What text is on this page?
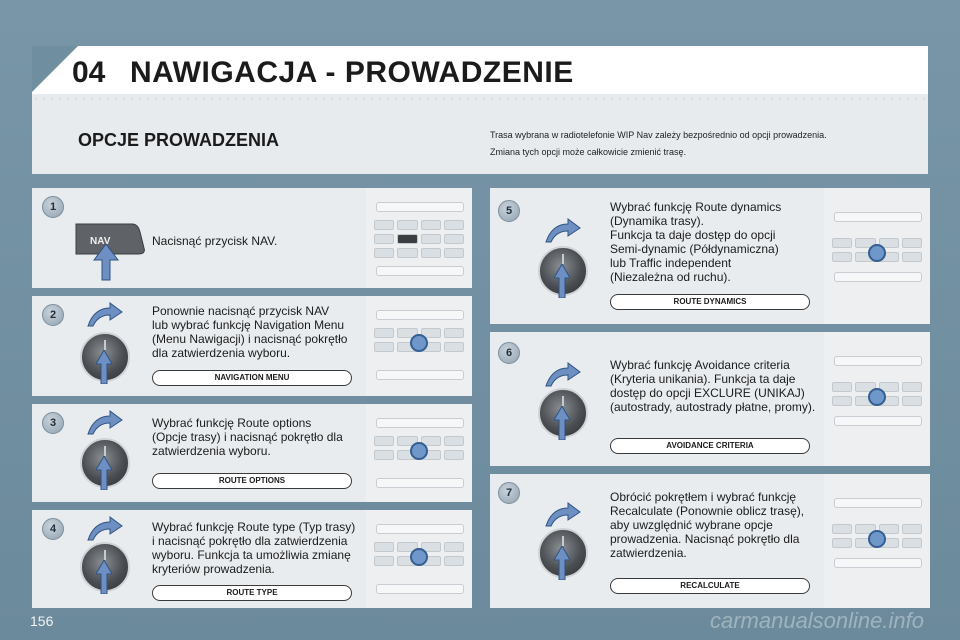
04 NAWIGACJA - PROWADZENIE
OPCJE PROWADZENIA	Trasa wybrana w radiotelefonie WIP Nav zależy bezpośrednio od opcji prowadzenia.
Zmiana tych opcji może całkowicie zmienić trasę.
1
NAV	Nacisnąć przycisk NAV.
2	Ponownie nacisnąć przycisk NAV
lub wybrać funkcję Navigation Menu
(Menu Nawigacji) i nacisnąć pokrętło
dla zatwierdzenia wyboru.
NAVIGATION MENU
3	Wybrać funkcję Route options
(Opcje trasy) i nacisnąć pokrętło dla
zatwierdzenia wyboru.
ROUTE OPTIONS
4	Wybrać funkcję Route type (Typ trasy)
i nacisnąć pokrętło dla zatwierdzenia
wyboru. Funkcja ta umożliwia zmianę
kryteriów prowadzenia.
ROUTE TYPE
5	Wybrać funkcję Route dynamics
(Dynamika trasy).
Funkcja ta daje dostęp do opcji
Semi-dynamic (Półdynamiczna)
lub Traffic independent
(Niezależna od ruchu).
ROUTE DYNAMICS
6
Wybrać funkcję Avoidance criteria
(Kryteria unikania). Funkcja ta daje
dostęp do opcji EXCLURE (UNIKAJ)
(autostrady, autostrady płatne, promy).
AVOIDANCE CRITERIA
7	Obrócić pokrętłem i wybrać funkcję
Recalculate (Ponownie oblicz trasę),
aby uwzględnić wybrane opcje
prowadzenia. Nacisnąć pokrętło dla
zatwierdzenia.
RECALCULATE
156	carmanualsonline.info
